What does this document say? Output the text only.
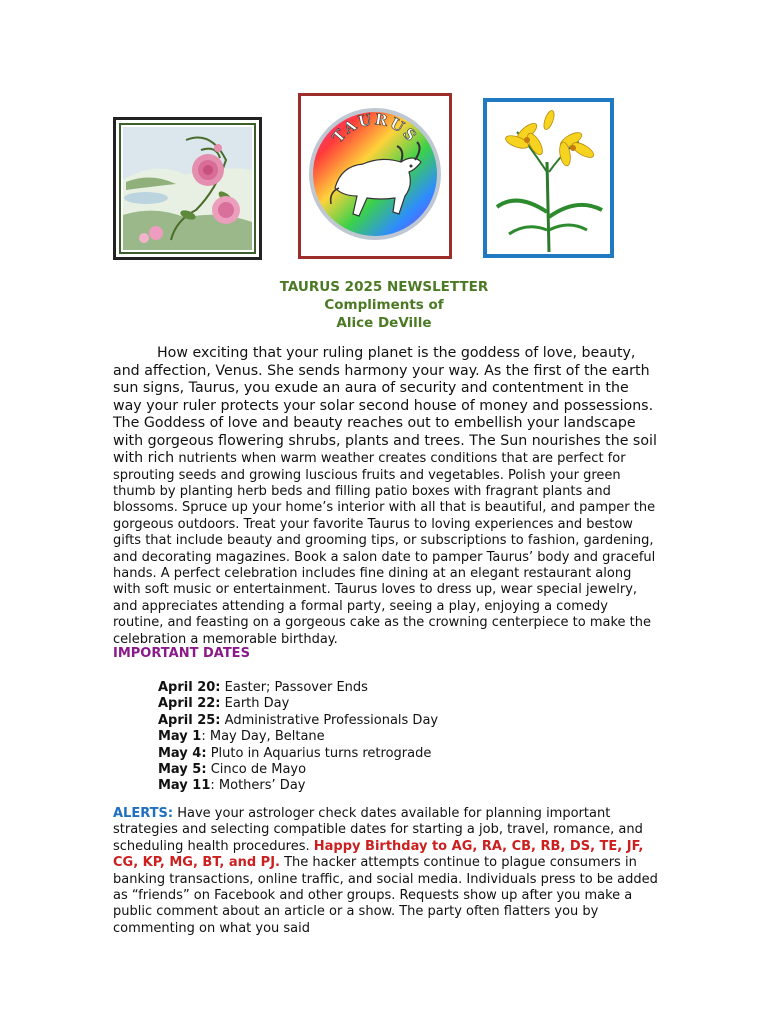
TAURUS
TAURUS 2025 NEWSLETTER
Compliments of
Alice DeVille

How exciting that your ruling planet is the goddess of love, beauty, and affection, Venus. She sends harmony your way. As the first of the earth sun signs, Taurus, you exude an aura of security and contentment in the way your ruler protects your solar second house of money and possessions. The Goddess of love and beauty reaches out to embellish your landscape with gorgeous flowering shrubs, plants and trees. The Sun nourishes the soil with rich nutrients when warm weather creates conditions that are perfect for sprouting seeds and growing luscious fruits and vegetables. Polish your green thumb by planting herb beds and filling patio boxes with fragrant plants and blossoms. Spruce up your home’s interior with all that is beautiful, and pamper the gorgeous outdoors. Treat your favorite Taurus to loving experiences and bestow gifts that include beauty and grooming tips, or subscriptions to fashion, gardening, and decorating magazines. Book a salon date to pamper Taurus’ body and graceful hands. A perfect celebration includes fine dining at an elegant restaurant along with soft music or entertainment. Taurus loves to dress up, wear special jewelry, and appreciates attending a formal party, seeing a play, enjoying a comedy routine, and feasting on a gorgeous cake as the crowning centerpiece to make the celebration a memorable birthday.

IMPORTANT DATES
April 20: Easter; Passover Ends
April 22: Earth Day
April 25: Administrative Professionals Day
May 1: May Day, Beltane
May 4: Pluto in Aquarius turns retrograde
May 5: Cinco de Mayo
May 11: Mothers’ Day
ALERTS: Have your astrologer check dates available for planning important strategies and selecting compatible dates for starting a job, travel, romance, and scheduling health procedures. Happy Birthday to AG, RA, CB, RB, DS, TE, JF, CG, KP, MG, BT, and PJ. The hacker attempts continue to plague consumers in banking transactions, online traffic, and social media. Individuals press to be added as “friends” on Facebook and other groups. Requests show up after you make a public comment about an article or a show. The party often flatters you by commenting on what you said
